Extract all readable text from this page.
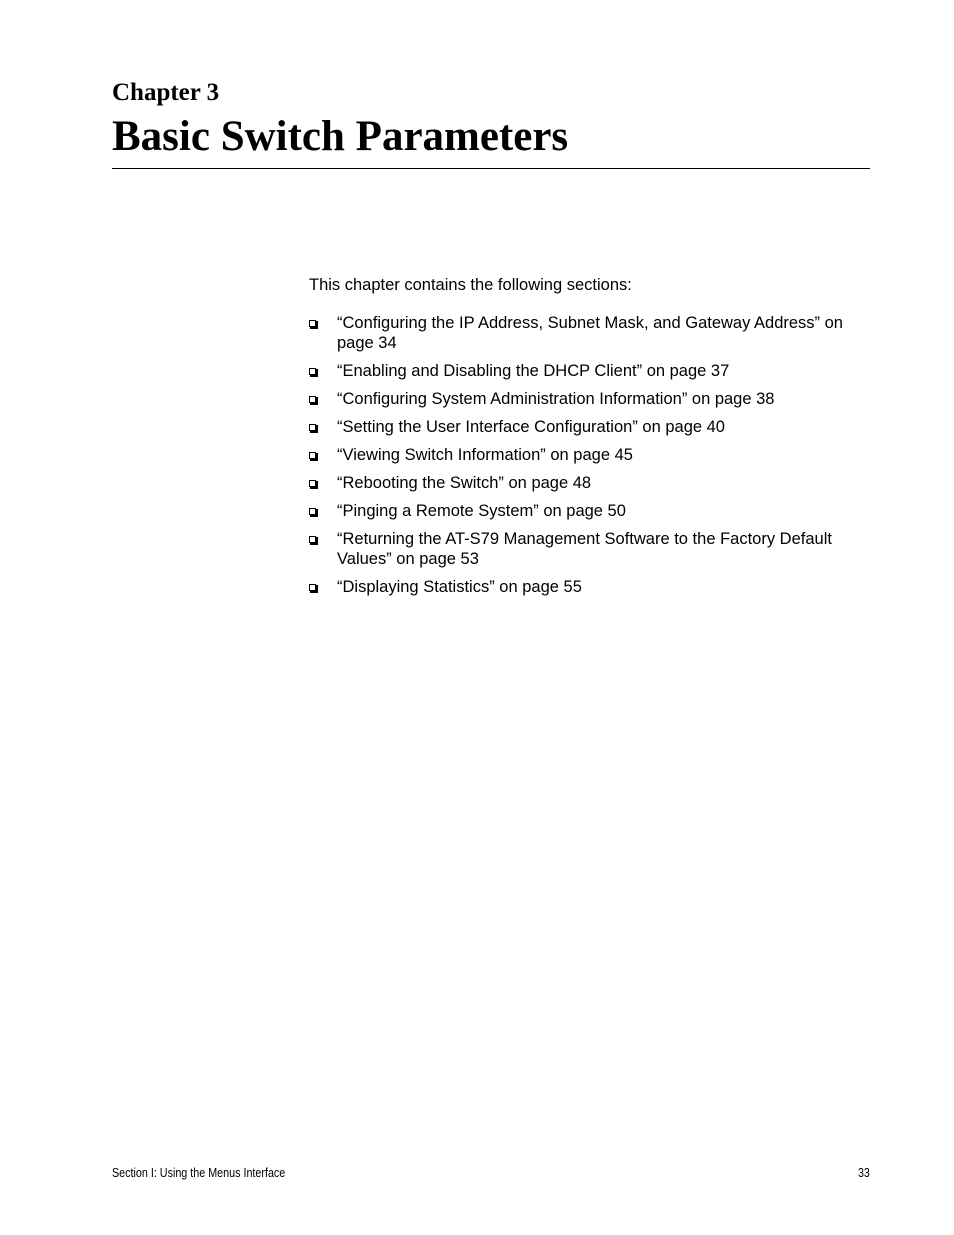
Chapter 3
Basic Switch Parameters

This chapter contains the following sections:

“Configuring the IP Address, Subnet Mask, and Gateway Address” on page 34
“Enabling and Disabling the DHCP Client” on page 37
“Configuring System Administration Information” on page 38
“Setting the User Interface Configuration” on page 40
“Viewing Switch Information” on page 45
“Rebooting the Switch” on page 48
“Pinging a Remote System” on page 50
“Returning the AT-S79 Management Software to the Factory Default Values” on page 53
“Displaying Statistics” on page 55
Section I: Using the Menus Interface	33
